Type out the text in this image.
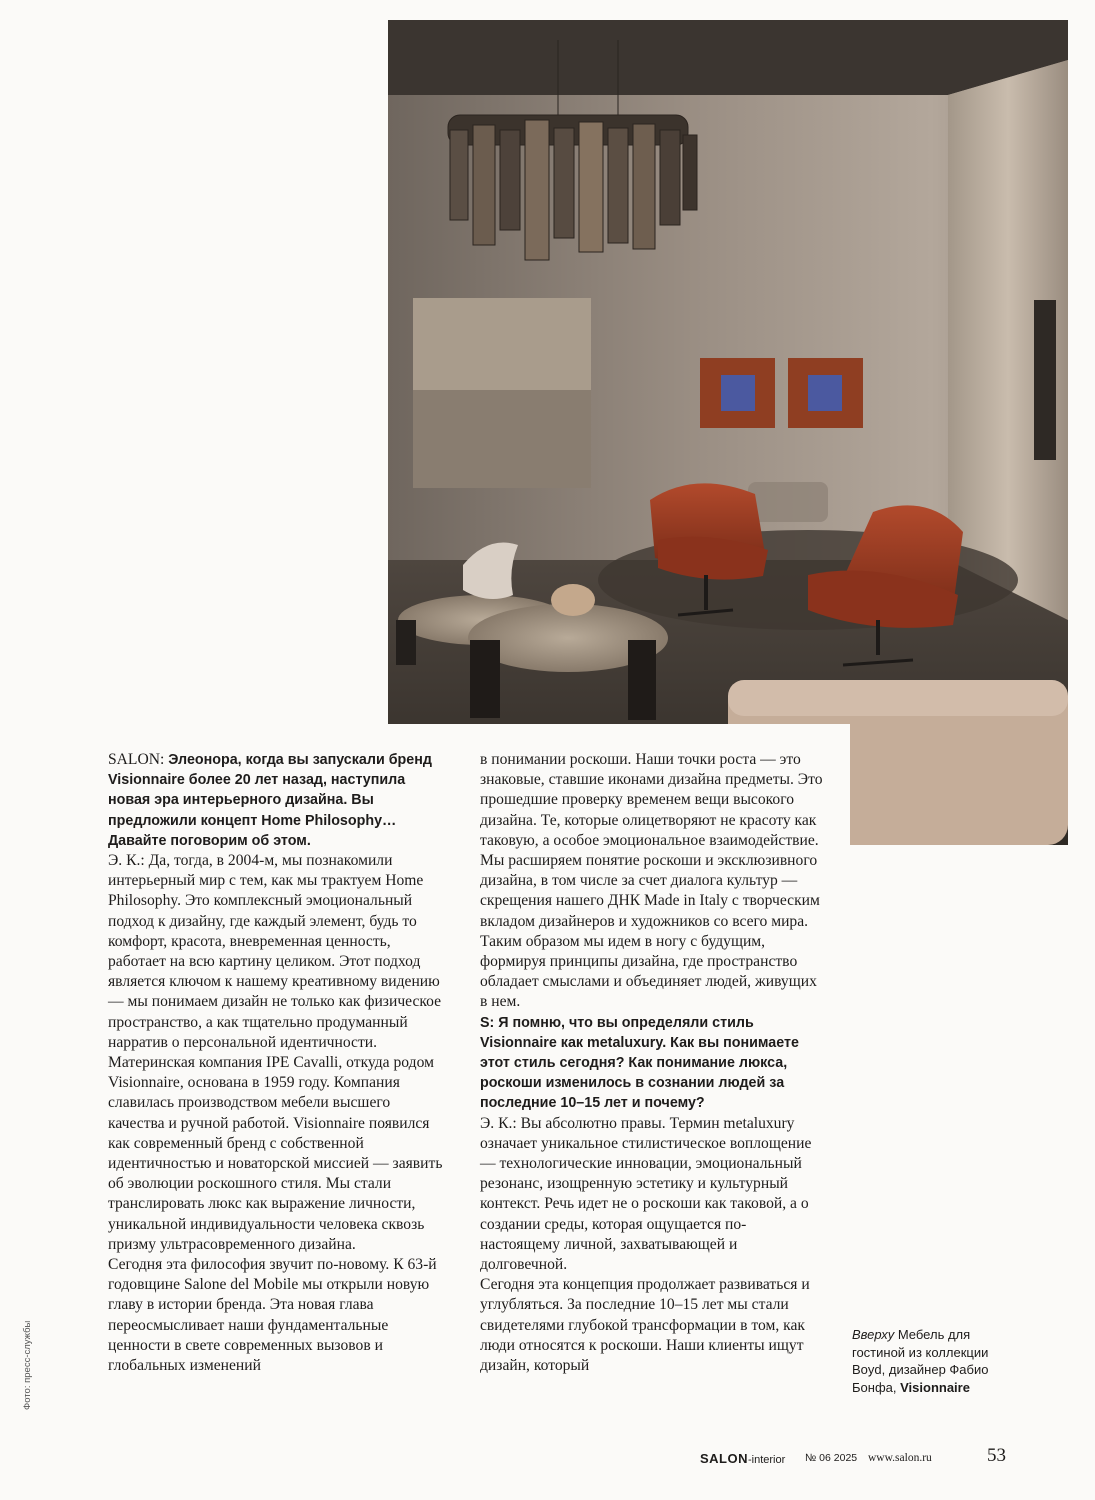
SALON: Элеонора, когда вы запускали бренд Visionnaire более 20 лет назад, наступила новая эра интерьерного дизайна. Вы предложили концепт Home Philosophy… Давайте поговорим об этом.

Э. К.: Да, тогда, в 2004-м, мы познакомили интерьерный мир с тем, как мы трактуем Home Philosophy. Это комплексный эмоциональный подход к дизайну, где каждый элемент, будь то комфорт, красота, вневременная ценность, работает на всю картину целиком. Этот подход является ключом к нашему креативному видению — мы понимаем дизайн не только как физическое пространство, а как тщательно продуманный нарратив о персональной идентичности.

Материнская компания IPE Cavalli, откуда родом Visionnaire, основана в 1959 году. Компания славилась производством мебели высшего качества и ручной работой. Visionnaire появился как современный бренд с собственной идентичностью и новаторской миссией — заявить об эволюции роскошного стиля. Мы стали транслировать люкс как выражение личности, уникальной индивидуальности человека сквозь призму ультрасовременного дизайна.

Сегодня эта философия звучит по-новому. К 63-й годовщине Salone del Mobile мы открыли новую главу в истории бренда. Эта новая глава переосмысливает наши фундаментальные ценности в свете современных вызовов и глобальных изменений

в понимании роскоши. Наши точки роста — это знаковые, ставшие иконами дизайна предметы. Это прошедшие проверку временем вещи высокого дизайна. Те, которые олицетворяют не красоту как таковую, а особое эмоциональное взаимодействие. Мы расширяем понятие роскоши и эксклюзивного дизайна, в том числе за счет диалога культур — скрещения нашего ДНК Made in Italy с творческим вкладом дизайнеров и художников со всего мира.

Таким образом мы идем в ногу с будущим, формируя принципы дизайна, где пространство обладает смыслами и объединяет людей, живущих в нем.

S: Я помню, что вы определяли стиль Visionnaire как metaluxury. Как вы понимаете этот стиль сегодня? Как понимание люкса, роскоши изменилось в сознании людей за последние 10–15 лет и почему?

Э. К.: Вы абсолютно правы. Термин metaluxury означает уникальное стилистическое воплощение — технологические инновации, эмоциональный резонанс, изощренную эстетику и культурный контекст. Речь идет не о роскоши как таковой, а о создании среды, которая ощущается по-настоящему личной, захватывающей и долговечной.

Сегодня эта концепция продолжает развиваться и углубляться. За последние 10–15 лет мы стали свидетелями глубокой трансформации в том, как люди относятся к роскоши. Наши клиенты ищут дизайн, который

Фото: пресс-службы	Вверху Мебель для гостиной из коллекции Boyd, дизайнер Фабио Бонфа, Visionnaire
SALON-interior № 06 2025 www.salon.ru	53
